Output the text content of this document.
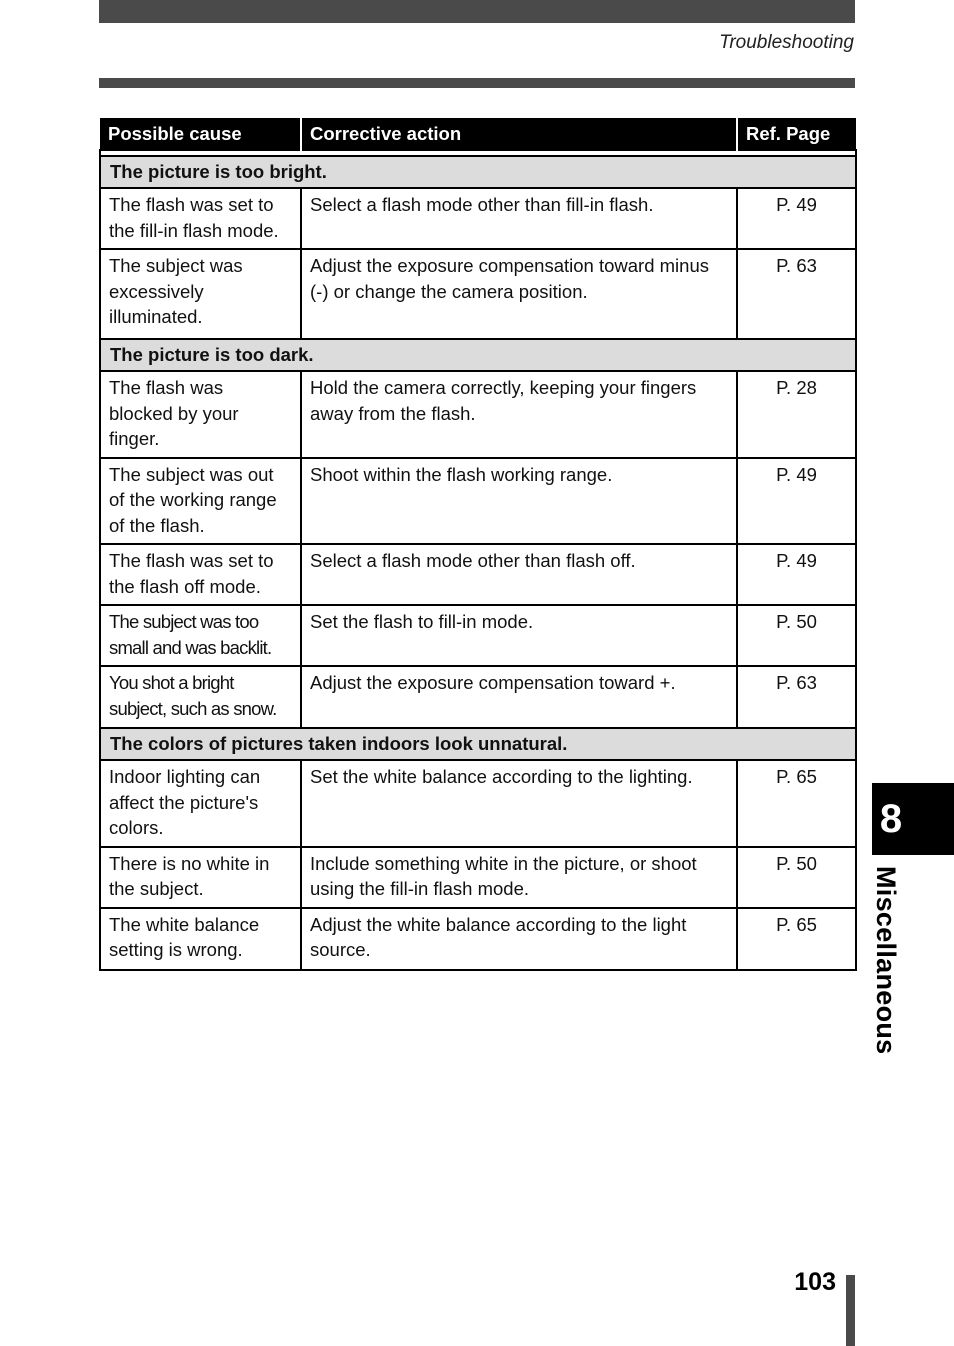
Troubleshooting
Possible cause	Corrective action	Ref. Page

The picture is too bright.		
The flash was set to the fill-in flash mode.	Select a flash mode other than fill-in flash.	P. 49
The subject was excessively illuminated.	Adjust the exposure compensation toward minus (-) or change the camera position.	P. 63
The picture is too dark.		
The flash was blocked by your finger.	Hold the camera correctly, keeping your fingers away from the flash.	P. 28
The subject was out of the working range of the flash.	Shoot within the flash working range.	P. 49
The flash was set to the flash off mode.	Select a flash mode other than flash off.	P. 49
The subject was too small and was backlit.	Set the flash to fill-in mode.	P. 50
You shot a bright subject, such as snow.	Adjust the exposure compensation toward +.	P. 63
The colors of pictures taken indoors look unnatural.		
Indoor lighting can affect the picture's colors.	Set the white balance according to the lighting.	P. 65
There is no white in the subject.	Include something white in the picture, or shoot using the fill-in flash mode.	P. 50
The white balance setting is wrong.	Adjust the white balance according to the light source.	P. 65
8
Miscellaneous
103
